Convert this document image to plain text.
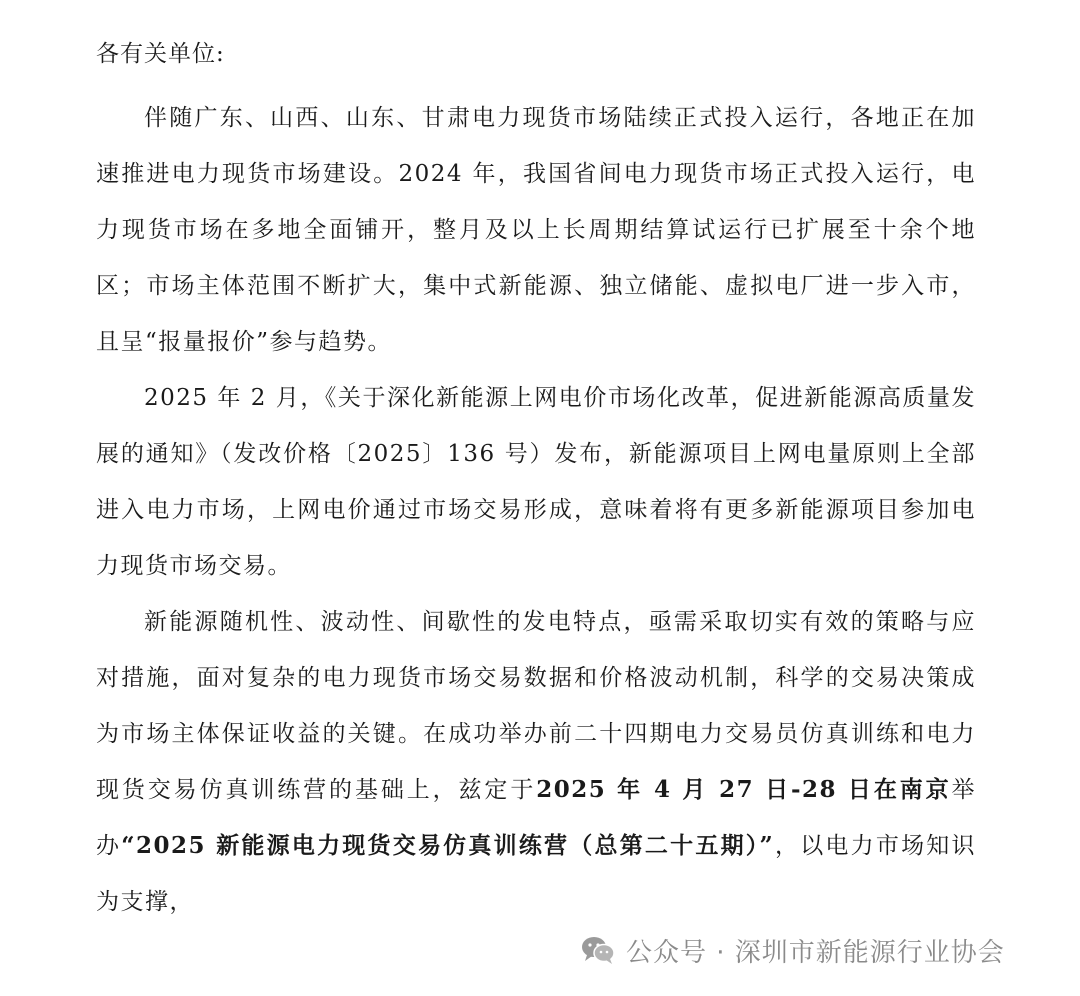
各有关单位:

伴随广东、山西、山东、甘肃电力现货市场陆续正式投入运行，各地正在加速推进电力现货市场建设。2024 年，我国省间电力现货市场正式投入运行，电力现货市场在多地全面铺开，整月及以上长周期结算试运行已扩展至十余个地区；市场主体范围不断扩大，集中式新能源、独立储能、虚拟电厂进一步入市，且呈“报量报价”参与趋势。

2025 年 2 月，《关于深化新能源上网电价市场化改革，促进新能源高质量发展的通知》（发改价格〔2025〕136 号）发布，新能源项目上网电量原则上全部进入电力市场，上网电价通过市场交易形成，意味着将有更多新能源项目参加电力现货市场交易。

新能源随机性、波动性、间歇性的发电特点，亟需采取切实有效的策略与应对措施，面对复杂的电力现货市场交易数据和价格波动机制，科学的交易决策成为市场主体保证收益的关键。在成功举办前二十四期电力交易员仿真训练和电力现货交易仿真训练营的基础上，兹定于2025 年 4 月 27 日-28 日在南京举办“2025 新能源电力现货交易仿真训练营（总第二十五期）”，以电力市场知识为支撑，

公众号 · 深圳市新能源行业协会
